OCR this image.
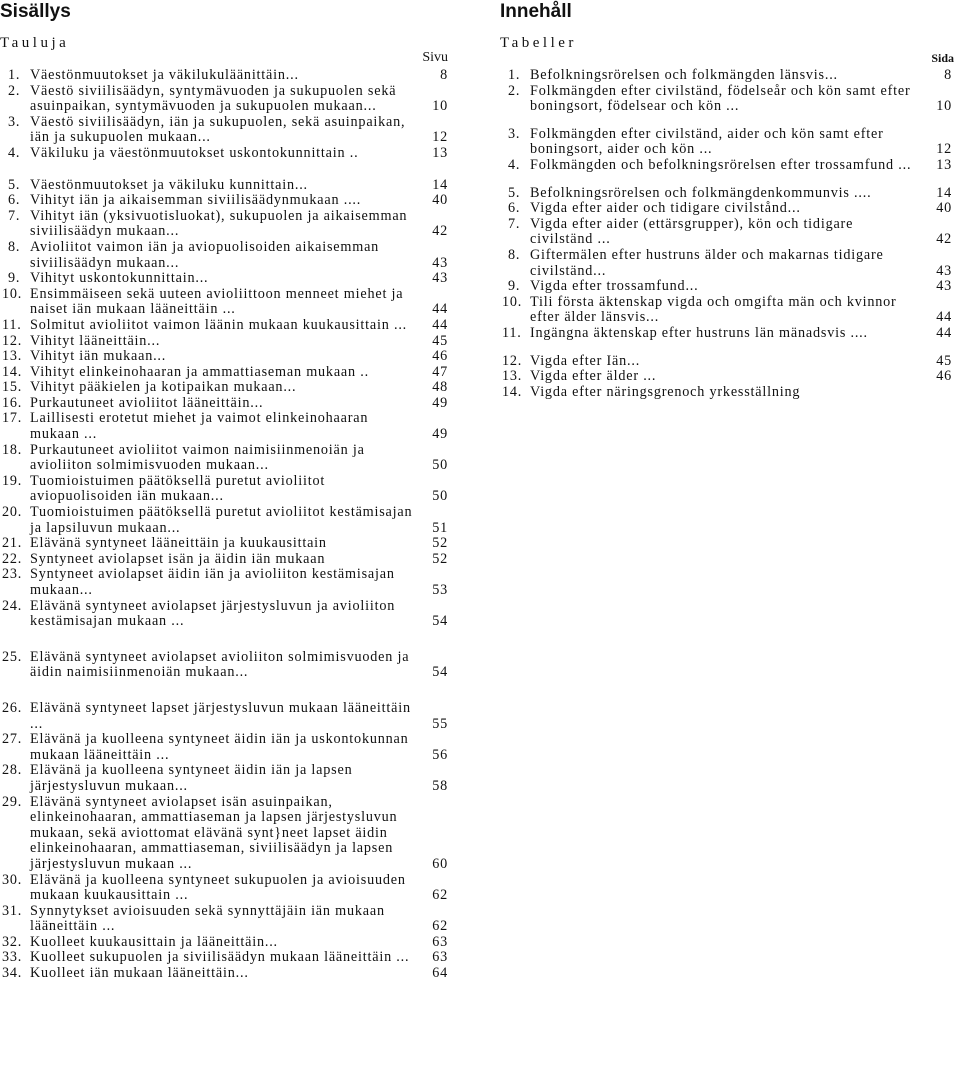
Sisällys
Tauluja
Sivu
1. Väestönmuutokset ja väkilukuläänittäin...	8
2. Väestö siviilisäädyn, syntymävuoden ja sukupuolen sekä asuinpaikan, syntymävuoden ja sukupuolen mukaan...	10
3. Väestö siviilisäädyn, iän ja sukupuolen, sekä asuinpaikan, iän ja sukupuolen mukaan...	12
4. Väkiluku ja väestönmuutokset uskontokunnittain ..	13
5. Väestönmuutokset ja väkiluku kunnittain...	14
6. Vihityt iän ja aikaisemman siviilisäädynmukaan ....	40
7. Vihityt iän (yksivuotisluokat), sukupuolen ja aikaisemman siviilisäädyn mukaan...	42
8. Avioliitot vaimon iän ja aviopuolisoiden aikaisemman siviilisäädyn mukaan...	43
9. Vihityt uskontokunnittain...	43
10. Ensimmäiseen sekä uuteen avioliittoon menneet miehet ja naiset iän mukaan lääneittäin ...	44
11. Solmitut avioliitot vaimon läänin mukaan kuukausittain ...	44
12. Vihityt lääneittäin...	45
13. Vihityt iän mukaan...	46
14. Vihityt elinkeinohaaran ja ammattiaseman mukaan ..	47
15. Vihityt pääkielen ja kotipaikan mukaan...	48
16. Purkautuneet avioliitot lääneittäin...	49
17. Laillisesti erotetut miehet ja vaimot elinkeinohaaran mukaan ...	49
18. Purkautuneet avioliitot vaimon naimisiinmenoiän ja avioliiton solmimisvuoden mukaan...	50
19. Tuomioistuimen päätöksellä puretut avioliitot aviopuolisoiden iän mukaan...	50
20. Tuomioistuimen päätöksellä puretut avioliitot kestämisajan ja lapsiluvun mukaan...	51
21. Elävänä syntyneet lääneittäin ja kuukausittain	52
22. Syntyneet aviolapset isän ja äidin iän mukaan	52
23. Syntyneet aviolapset äidin iän ja avioliiton kestämisajan mukaan...	53
24. Elävänä syntyneet aviolapset järjestysluvun ja avioliiton kestämisajan mukaan ...	54
25. Elävänä syntyneet aviolapset avioliiton solmimisvuoden ja äidin naimisiinmenoiän mukaan...	54
26. Elävänä syntyneet lapset järjestysluvun mukaan lääneittäin ...	55
27. Elävänä ja kuolleena syntyneet äidin iän ja uskontokunnan mukaan lääneittäin ...	56
28. Elävänä ja kuolleena syntyneet äidin iän ja lapsen järjestysluvun mukaan...	58
29. Elävänä syntyneet aviolapset isän asuinpaikan, elinkeinohaaran, ammattiaseman ja lapsen järjestysluvun mukaan, sekä aviottomat elävänä synt}neet lapset äidin elinkeinohaaran, ammattiaseman, siviilisäädyn ja lapsen järjestysluvun mukaan ...	60
30. Elävänä ja kuolleena syntyneet sukupuolen ja avioisuuden mukaan kuukausittain ...	62
31. Synnytykset avioisuuden sekä synnyttäjäin iän mukaan lääneittäin ...	62
32. Kuolleet kuukausittain ja lääneittäin...	63
33. Kuolleet sukupuolen ja siviilisäädyn mukaan lääneittäin ...	63
34. Kuolleet iän mukaan lääneittäin...	64
Innehåll
Tabeller
Sida
1. Befolkningsrörelsen och folkmängden länsvis...	8
2. Folkmängden efter civilständ, födelseår och kön samt efter boningsort, födelsear och kön ...	10
3. Folkmängden efter civilständ, aider och kön samt efter boningsort, aider och kön ...	12
4. Folkmängden och befolkningsrörelsen efter trossamfund ...	13
5. Befolkningsrörelsen och folkmängdenkommunvis ....	14
6. Vigda efter aider och tidigare civilstånd...	40
7. Vigda efter aider (ettärsgrupper), kön och tidigare civilständ ...	42
8. Giftermälen efter hustruns älder och makarnas tidigare civilständ...	43
9. Vigda efter trossamfund...	43
10. Tili första äktenskap vigda och omgifta män och kvinnor efter älder länsvis...	44
11. Ingängna äktenskap efter hustruns län mänadsvis ....	44
12. Vigda efter Iän...	45
13. Vigda efter älder ...	46
14. Vigda efter näringsgrenoch yrkesställning
